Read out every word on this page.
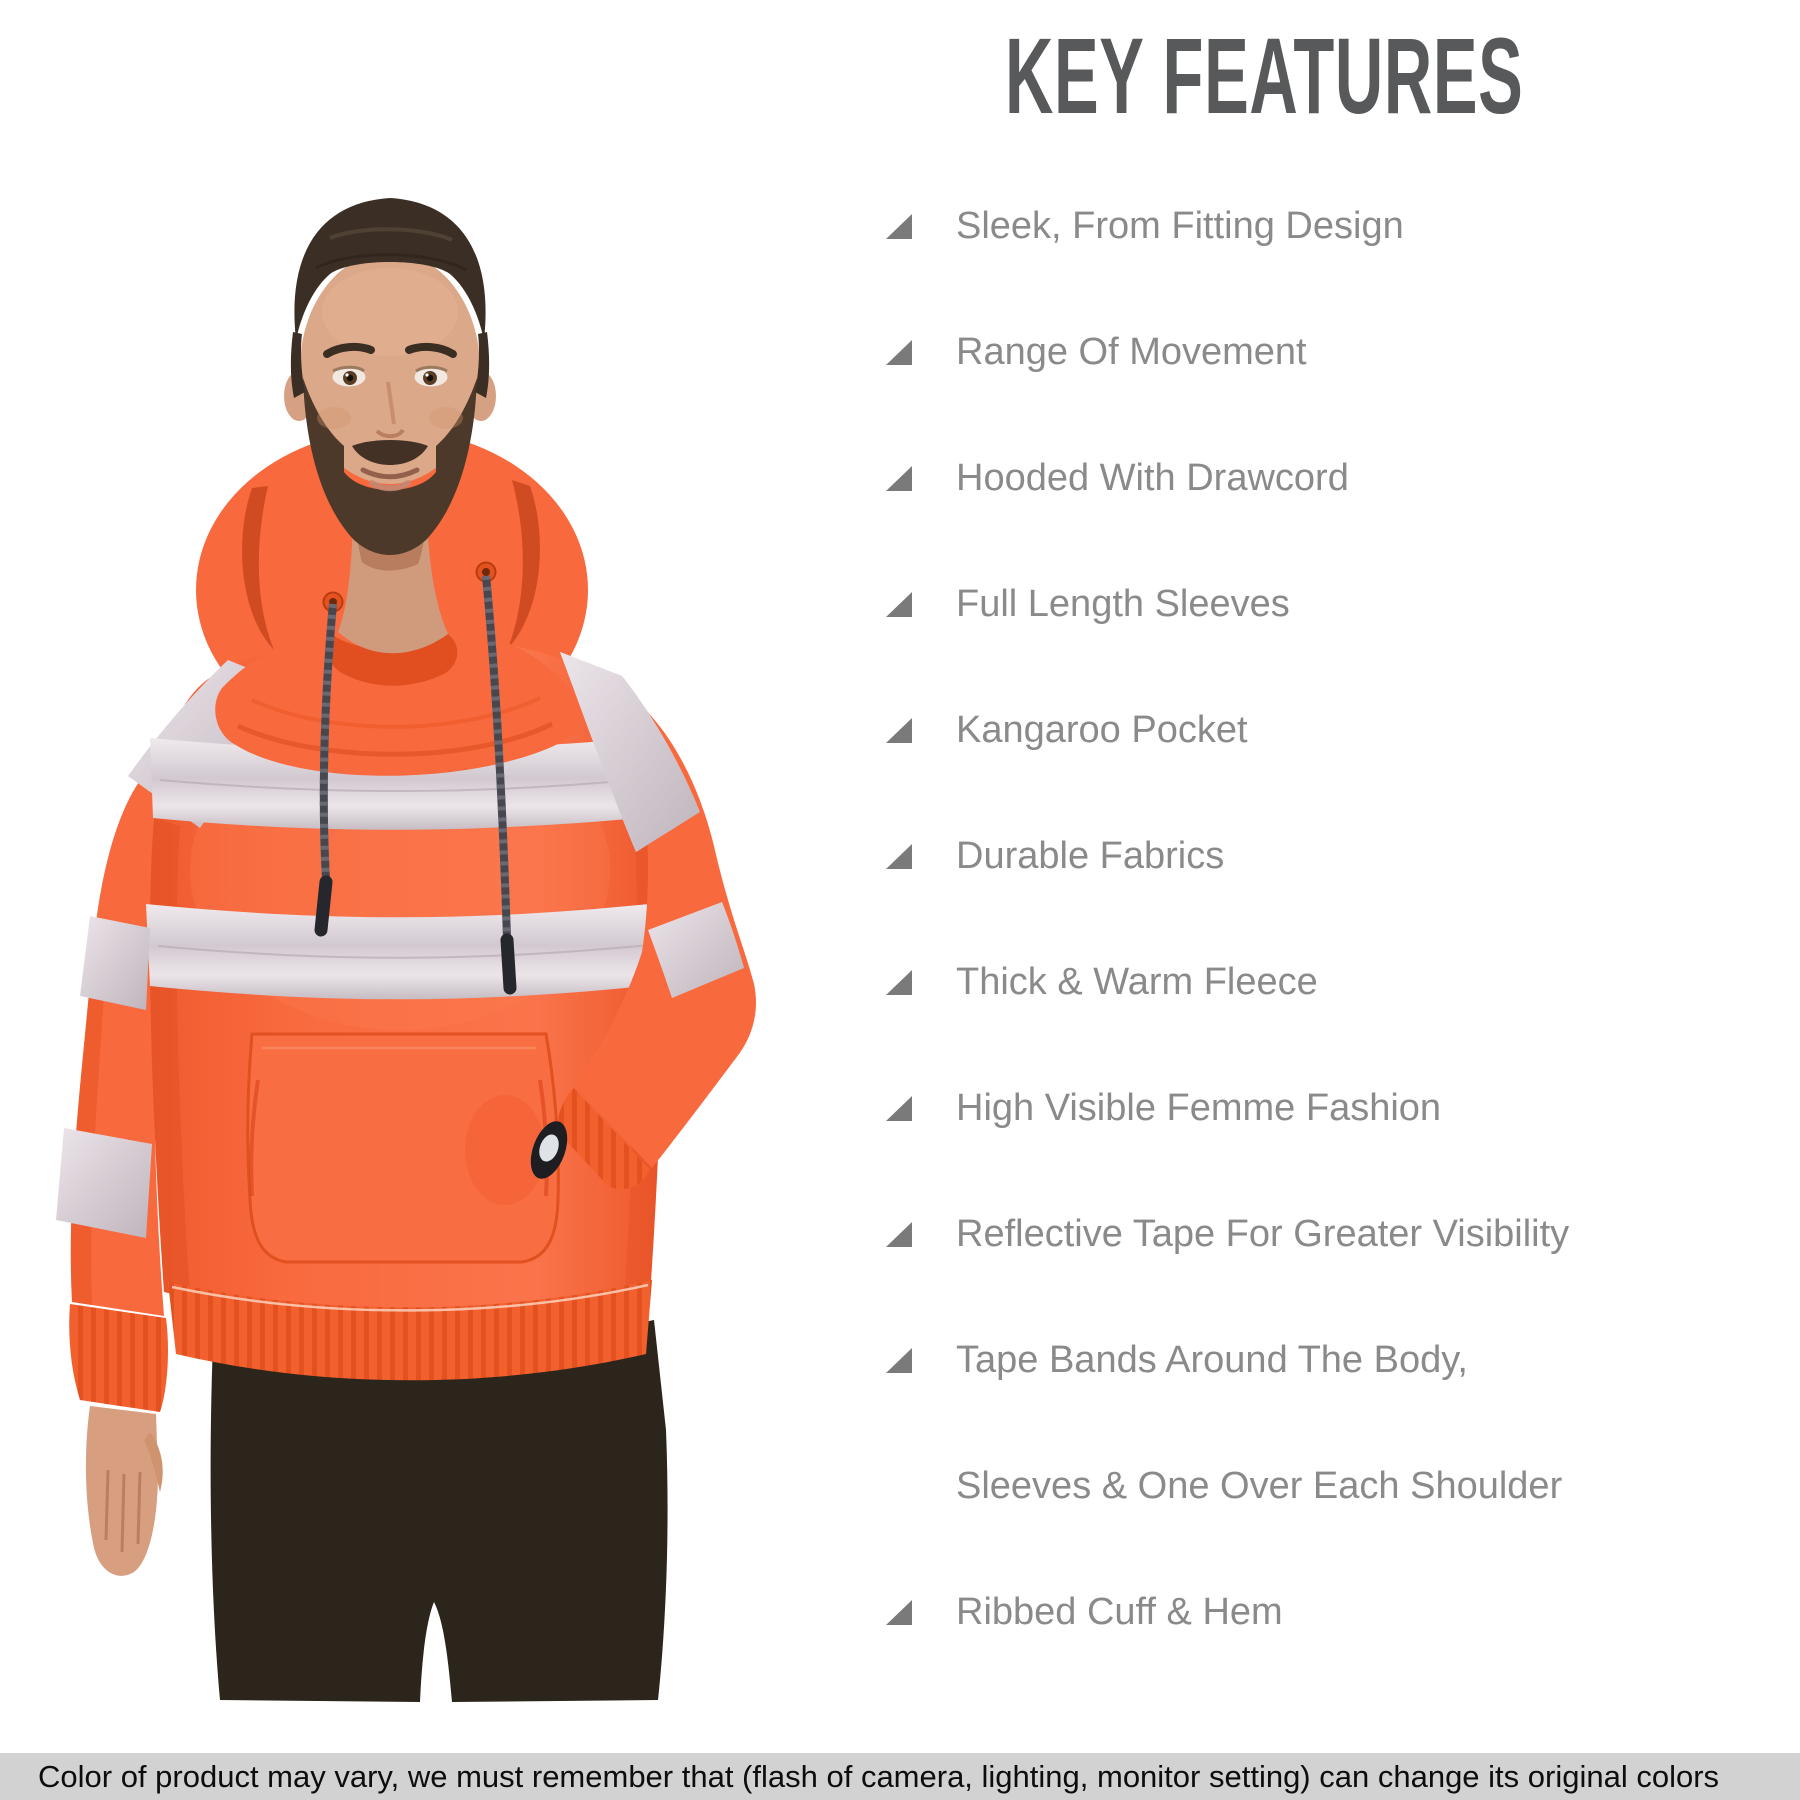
KEY FEATURES
Sleek, From Fitting Design
Range Of Movement
Hooded With Drawcord
Full Length Sleeves
Kangaroo Pocket
Durable Fabrics
Thick & Warm Fleece
High Visible Femme Fashion
Reflective Tape For Greater Visibility
Tape Bands Around The Body,
Sleeves & One Over Each Shoulder
Ribbed Cuff & Hem
Color of product may vary, we must remember that (flash of camera, lighting, monitor setting) can change its original colors
